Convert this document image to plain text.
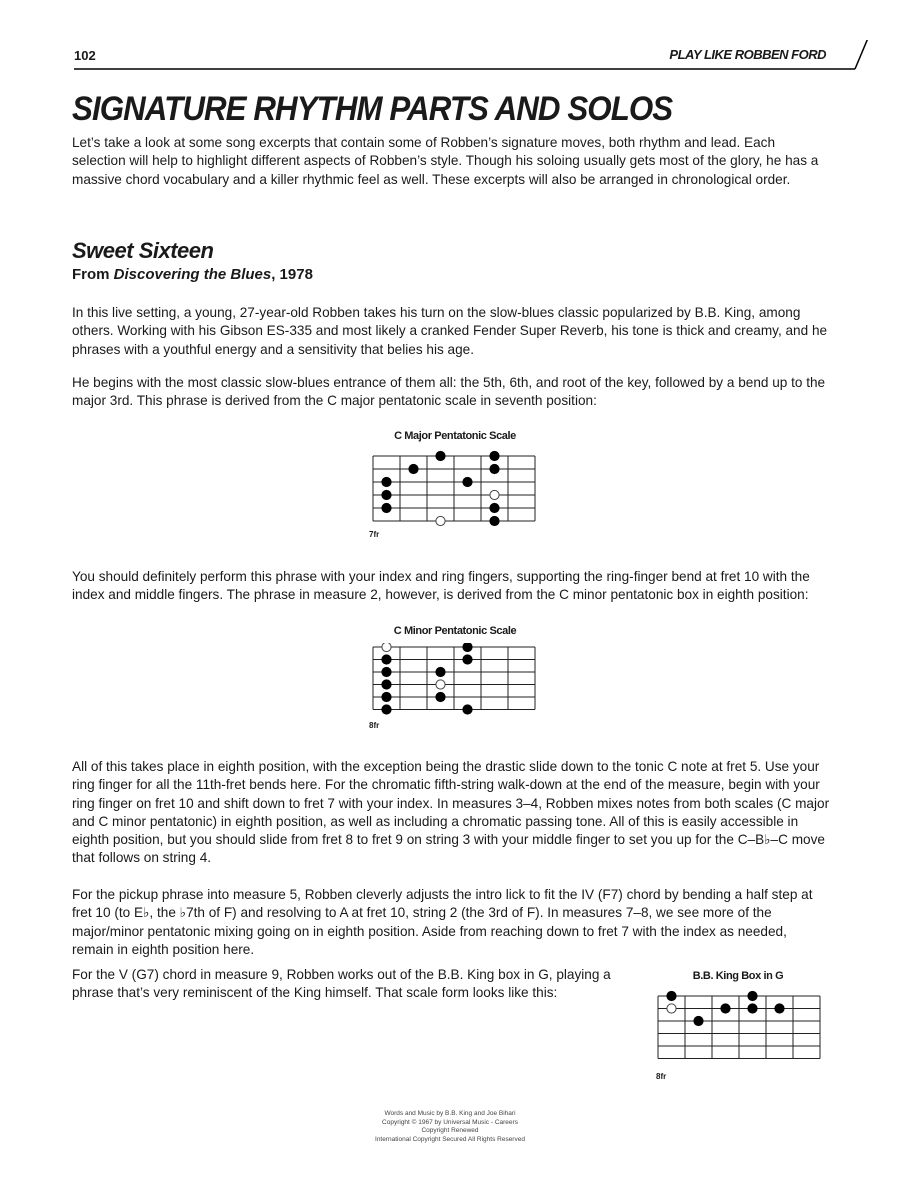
102	PLAY LIKE ROBBEN FORD
SIGNATURE RHYTHM PARTS AND SOLOS

Let’s take a look at some song excerpts that contain some of Robben’s signature moves, both rhythm and lead. Each selection will help to highlight different aspects of Robben’s style. Though his soloing usually gets most of the glory, he has a massive chord vocabulary and a killer rhythmic feel as well. These excerpts will also be arranged in chronological order.

Sweet Sixteen

From Discovering the Blues, 1978

In this live setting, a young, 27-year-old Robben takes his turn on the slow-blues classic popularized by B.B. King, among others. Working with his Gibson ES-335 and most likely a cranked Fender Super Reverb, his tone is thick and creamy, and he phrases with a youthful energy and a sensitivity that belies his age.

He begins with the most classic slow-blues entrance of them all: the 5th, 6th, and root of the key, followed by a bend up to the major 3rd. This phrase is derived from the C major pentatonic scale in seventh position:

C Major Pentatonic Scale
7fr

You should definitely perform this phrase with your index and ring fingers, supporting the ring-finger bend at fret 10 with the index and middle fingers. The phrase in measure 2, however, is derived from the C minor pentatonic box in eighth position:

C Minor Pentatonic Scale
8fr

All of this takes place in eighth position, with the exception being the drastic slide down to the tonic C note at fret 5. Use your ring finger for all the 11th-fret bends here. For the chromatic fifth-string walk-down at the end of the measure, begin with your ring finger on fret 10 and shift down to fret 7 with your index. In measures 3–4, Robben mixes notes from both scales (C major and C minor pentatonic) in eighth position, as well as including a chromatic passing tone. All of this is easily accessible in eighth position, but you should slide from fret 8 to fret 9 on string 3 with your middle finger to set you up for the C–B♭–C move that follows on string 4.

For the pickup phrase into measure 5, Robben cleverly adjusts the intro lick to fit the IV (F7) chord by bending a half step at fret 10 (to E♭, the ♭7th of F) and resolving to A at fret 10, string 2 (the 3rd of F). In measures 7–8, we see more of the major/minor pentatonic mixing going on in eighth position. Aside from reaching down to fret 7 with the index as needed, remain in eighth position here.

For the V (G7) chord in measure 9, Robben works out of the B.B. King box in G, playing a phrase that’s very reminiscent of the King himself. That scale form looks like this:

B.B. King Box in G
8fr
Words and Music by B.B. King and Joe Bihari
Copyright © 1967 by Universal Music - Careers
Copyright Renewed
International Copyright Secured All Rights Reserved
